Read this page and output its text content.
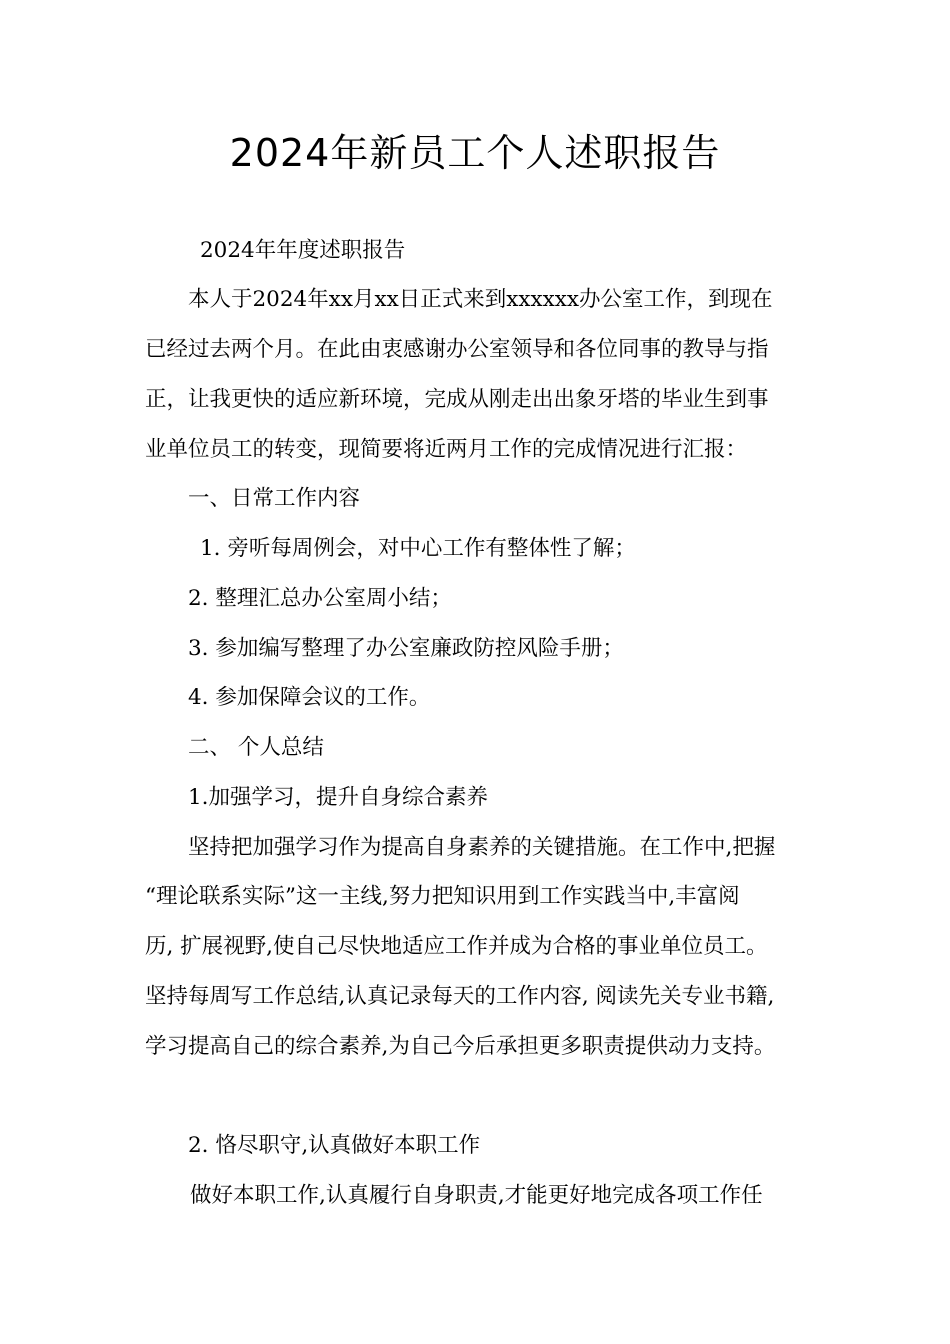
2024年新员工个人述职报告
2024年年度述职报告
本人于2024年xx月xx日正式来到xxxxxx办公室工作，到现在
已经过去两个月。在此由衷感谢办公室领导和各位同事的教导与指
正，让我更快的适应新环境，完成从刚走出出象牙塔的毕业生到事
业单位员工的转变，现简要将近两月工作的完成情况进行汇报：
一、日常工作内容
1. 旁听每周例会，对中心工作有整体性了解；
2. 整理汇总办公室周小结；
3. 参加编写整理了办公室廉政防控风险手册；
4. 参加保障会议的工作。
二、 个人总结
1.加强学习，提升自身综合素养
坚持把加强学习作为提高自身素养的关键措施。在工作中,把握
“理论联系实际”这一主线,努力把知识用到工作实践当中,丰富阅
历, 扩展视野,使自己尽快地适应工作并成为合格的事业单位员工。
坚持每周写工作总结,认真记录每天的工作内容, 阅读先关专业书籍,
学习提高自己的综合素养,为自己今后承担更多职责提供动力支持。
2. 恪尽职守,认真做好本职工作
做好本职工作,认真履行自身职责,才能更好地完成各项工作任
